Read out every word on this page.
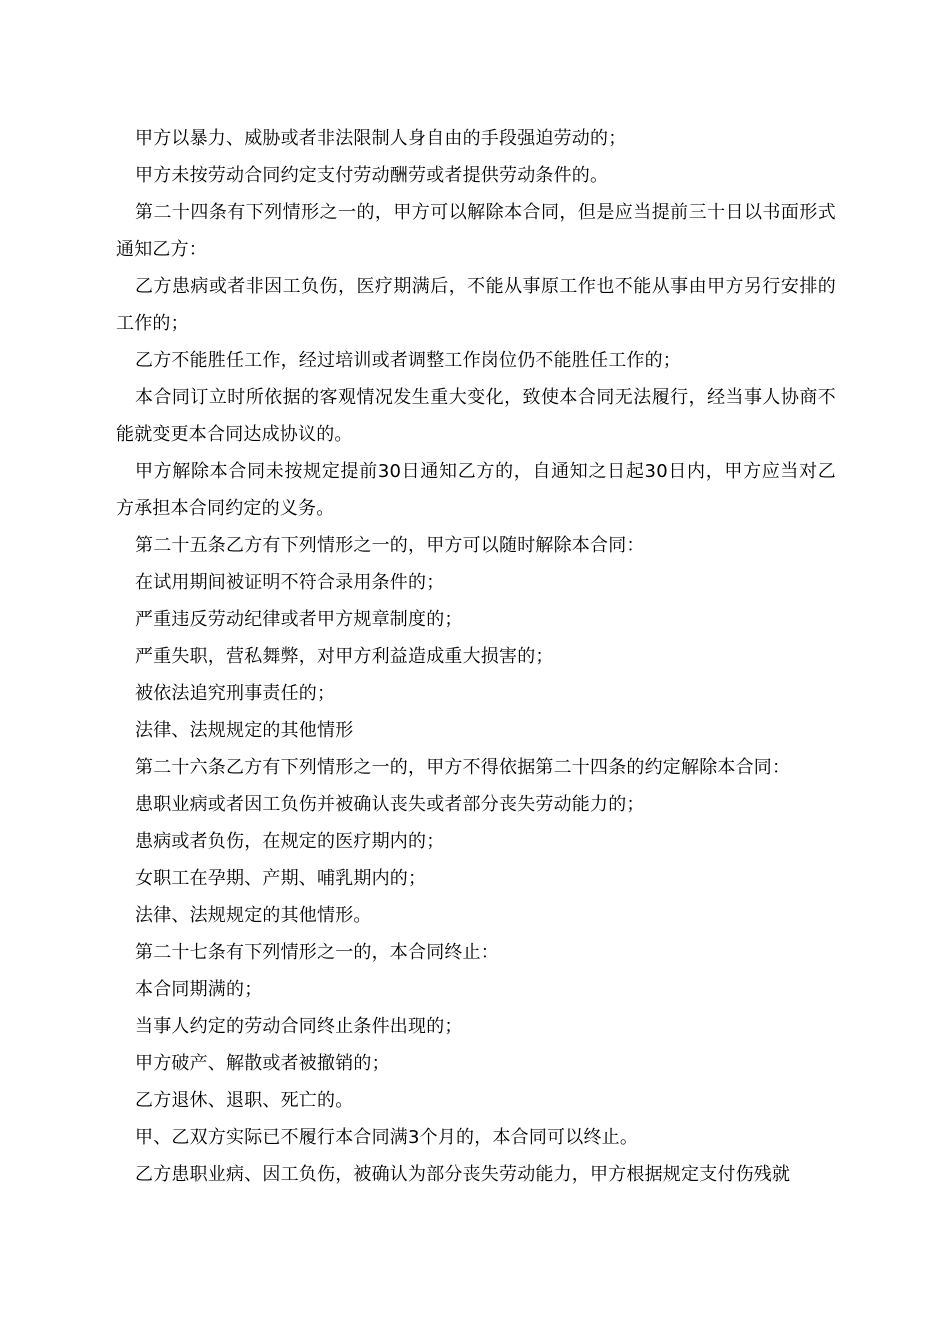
甲方以暴力、威胁或者非法限制人身自由的手段强迫劳动的；

甲方未按劳动合同约定支付劳动酬劳或者提供劳动条件的。

第二十四条有下列情形之一的，甲方可以解除本合同，但是应当提前三十日以书面形式通知乙方：

乙方患病或者非因工负伤，医疗期满后，不能从事原工作也不能从事由甲方另行安排的工作的；

乙方不能胜任工作，经过培训或者调整工作岗位仍不能胜任工作的；

本合同订立时所依据的客观情况发生重大变化，致使本合同无法履行，经当事人协商不能就变更本合同达成协议的。

甲方解除本合同未按规定提前30日通知乙方的，自通知之日起30日内，甲方应当对乙方承担本合同约定的义务。

第二十五条乙方有下列情形之一的，甲方可以随时解除本合同：

在试用期间被证明不符合录用条件的；

严重违反劳动纪律或者甲方规章制度的；

严重失职，营私舞弊，对甲方利益造成重大损害的；

被依法追究刑事责任的；

法律、法规规定的其他情形

第二十六条乙方有下列情形之一的，甲方不得依据第二十四条的约定解除本合同：

患职业病或者因工负伤并被确认丧失或者部分丧失劳动能力的；

患病或者负伤，在规定的医疗期内的；

女职工在孕期、产期、哺乳期内的；

法律、法规规定的其他情形。

第二十七条有下列情形之一的，本合同终止：

本合同期满的；

当事人约定的劳动合同终止条件出现的；

甲方破产、解散或者被撤销的；

乙方退休、退职、死亡的。

甲、乙双方实际已不履行本合同满3个月的，本合同可以终止。

乙方患职业病、因工负伤，被确认为部分丧失劳动能力，甲方根据规定支付伤残就
